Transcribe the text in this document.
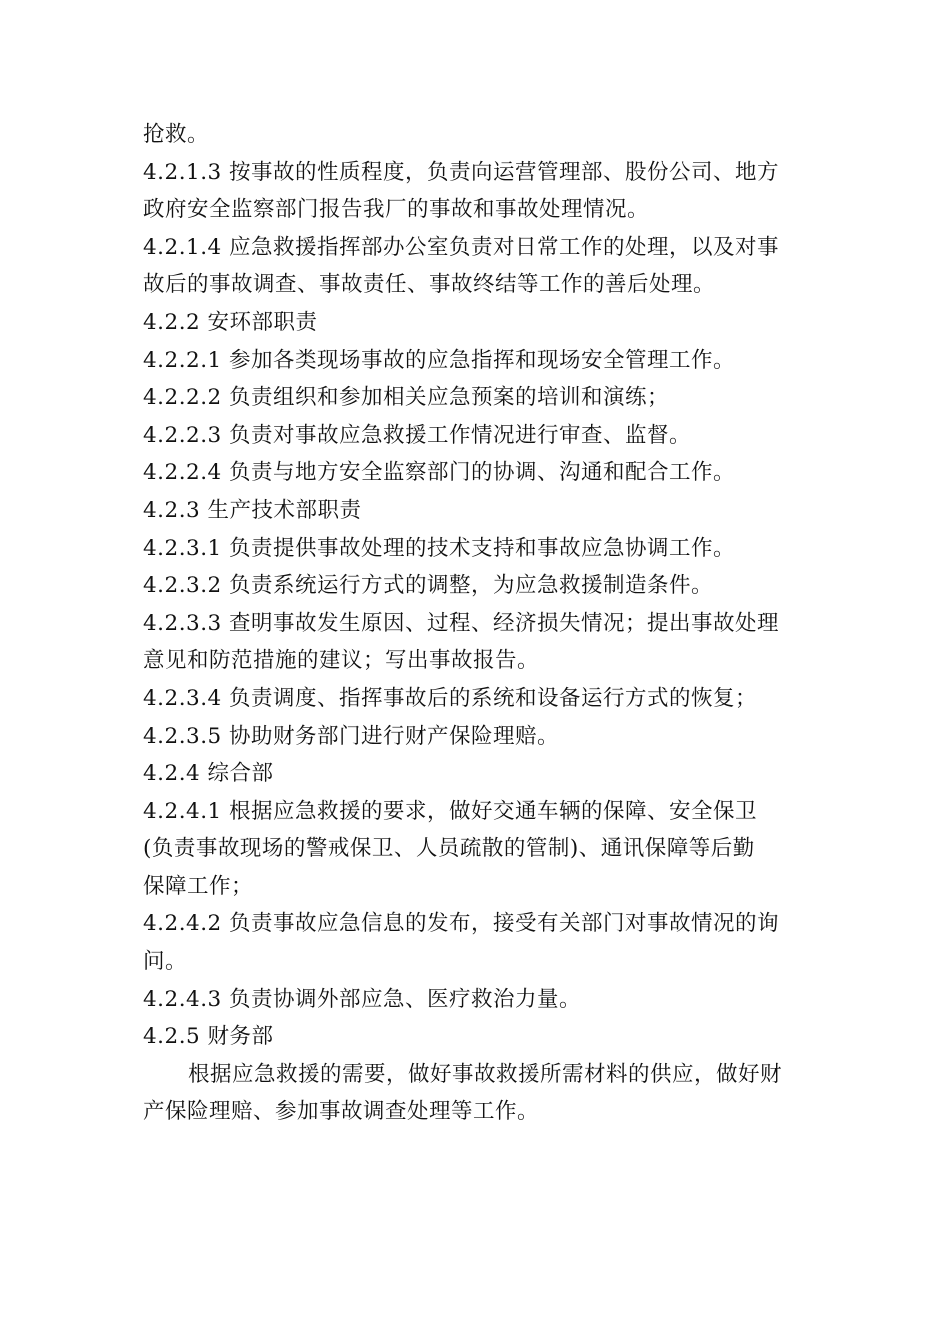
抢救。
4.2.1.3 按事故的性质程度，负责向运营管理部、股份公司、地方
政府安全监察部门报告我厂的事故和事故处理情况。
4.2.1.4 应急救援指挥部办公室负责对日常工作的处理，以及对事
故后的事故调查、事故责任、事故终结等工作的善后处理。
4.2.2 安环部职责
4.2.2.1 参加各类现场事故的应急指挥和现场安全管理工作。
4.2.2.2 负责组织和参加相关应急预案的培训和演练；
4.2.2.3 负责对事故应急救援工作情况进行审查、监督。
4.2.2.4 负责与地方安全监察部门的协调、沟通和配合工作。
4.2.3 生产技术部职责
4.2.3.1 负责提供事故处理的技术支持和事故应急协调工作。
4.2.3.2 负责系统运行方式的调整，为应急救援制造条件。
4.2.3.3 查明事故发生原因、过程、经济损失情况；提出事故处理
意见和防范措施的建议；写出事故报告。
4.2.3.4 负责调度、指挥事故后的系统和设备运行方式的恢复；
4.2.3.5 协助财务部门进行财产保险理赔。
4.2.4 综合部
4.2.4.1 根据应急救援的要求，做好交通车辆的保障、安全保卫
(负责事故现场的警戒保卫、人员疏散的管制)、通讯保障等后勤
保障工作；
4.2.4.2 负责事故应急信息的发布，接受有关部门对事故情况的询
问。
4.2.4.3 负责协调外部应急、医疗救治力量。
4.2.5 财务部
根据应急救援的需要，做好事故救援所需材料的供应，做好财
产保险理赔、参加事故调查处理等工作。
